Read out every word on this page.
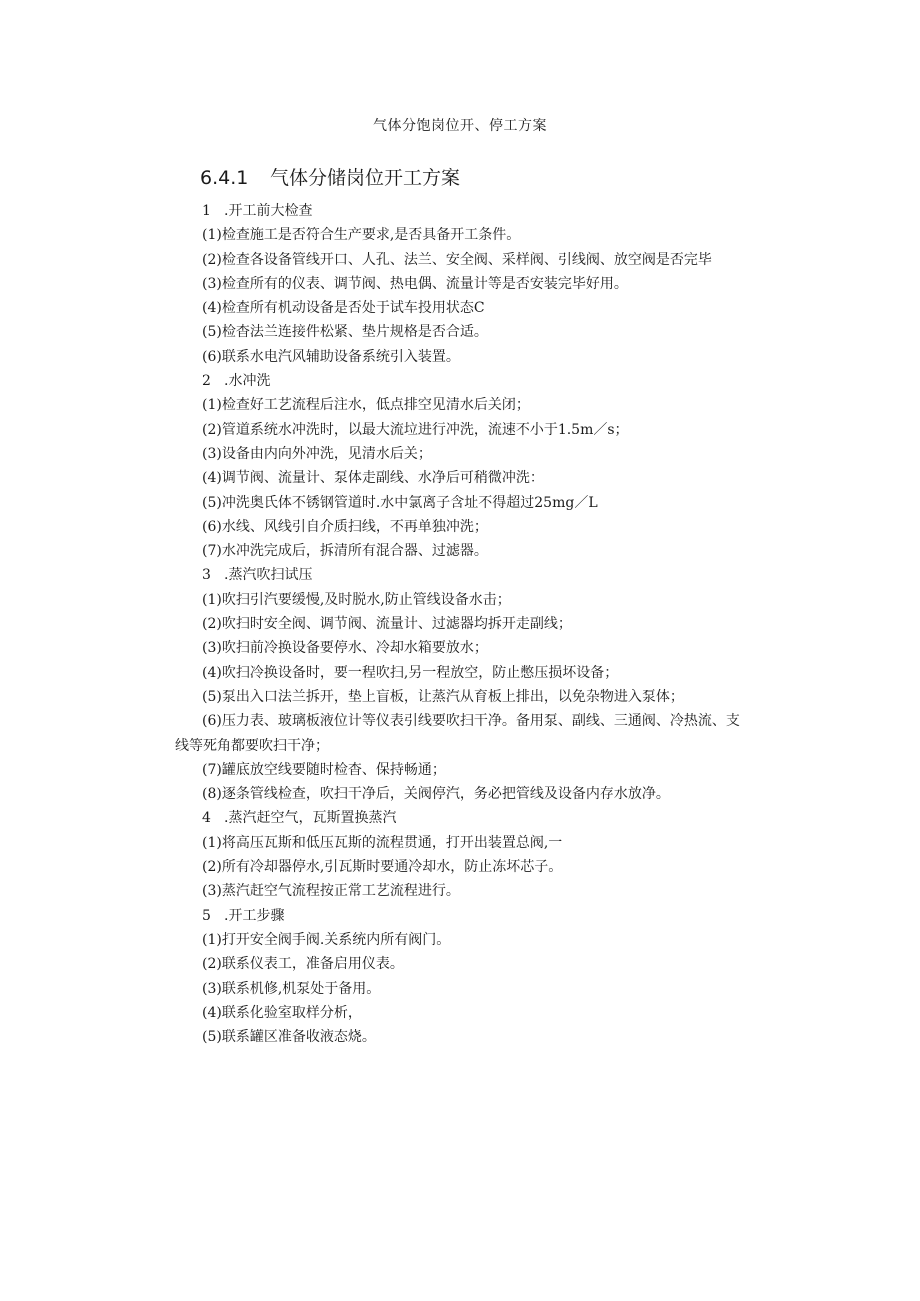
气体分饱岗位开、停工方案
6.4.1 气体分储岗位开工方案
1 .开工前大检查
(1)检查施工是否符合生产要求,是否具备开工条件。
(2)检查各设备管线开口、人孔、法兰、安全阀、采样阀、引线阀、放空阀是否完毕
(3)检查所有的仪表、调节阀、热电偶、流量计等是否安装完毕好用。
(4)检查所有机动设备是否处于试车投用状态C
(5)检杳法兰连接件松紧、垫片规格是否合适。
(6)联系水电汽风辅助设备系统引入装置。
2 .水冲洗
(1)检查好工艺流程后注水，低点排空见清水后关闭；
(2)管道系统水冲洗时，以最大流垃进行冲洗，流速不小于1.5m／s；
(3)设备由内向外冲洗，见清水后关；
(4)调节阀、流量计、泵体走副线、水净后可稍微冲洗：
(5)冲洗奥氏体不锈钢管道时.水中氯离子含址不得超过25mg／L
(6)水线、风线引自介质扫线，不再单独冲洗；
(7)水冲洗完成后，拆清所有混合器、过滤器。
3 .蒸汽吹扫试压
(1)吹扫引汽要缓慢,及时脱水,防止管线设备水击；
(2)吹扫时安全阀、调节阀、流量计、过滤器均拆开走副线；
(3)吹扫前冷换设备要停水、冷却水箱要放水；
(4)吹扫冷换设备时，要一程吹扫,另一程放空，防止憋压损坏设备；
(5)泵出入口法兰拆开，垫上盲板，让蒸汽从育板上排出，以免杂物进入泵体；
(6)压力表、玻璃板液位计等仪表引线要吹扫干净。备用泵、副线、三通阀、冷热流、支
线等死角都要吹扫干净；
(7)罐底放空线要随时检杳、保持畅通；
(8)逐条管线检查，吹扫干净后，关阀停汽，务必把管线及设备内存水放净。
4 .蒸汽赶空气，瓦斯置换蒸汽
(1)将高压瓦斯和低压瓦斯的流程贯通，打开出装置总阀,一
(2)所有冷却器停水,引瓦斯时要通冷却水，防止冻坏芯子。
(3)蒸汽赶空气流程按正常工艺流程进行。
5 .开工步骤
(1)打开安全阀手阀.关系统内所有阀门。
(2)联系仪表工，准备启用仪表。
(3)联系机修,机泵处于备用。
(4)联系化验室取样分析，
(5)联系罐区准备收液态烧。
